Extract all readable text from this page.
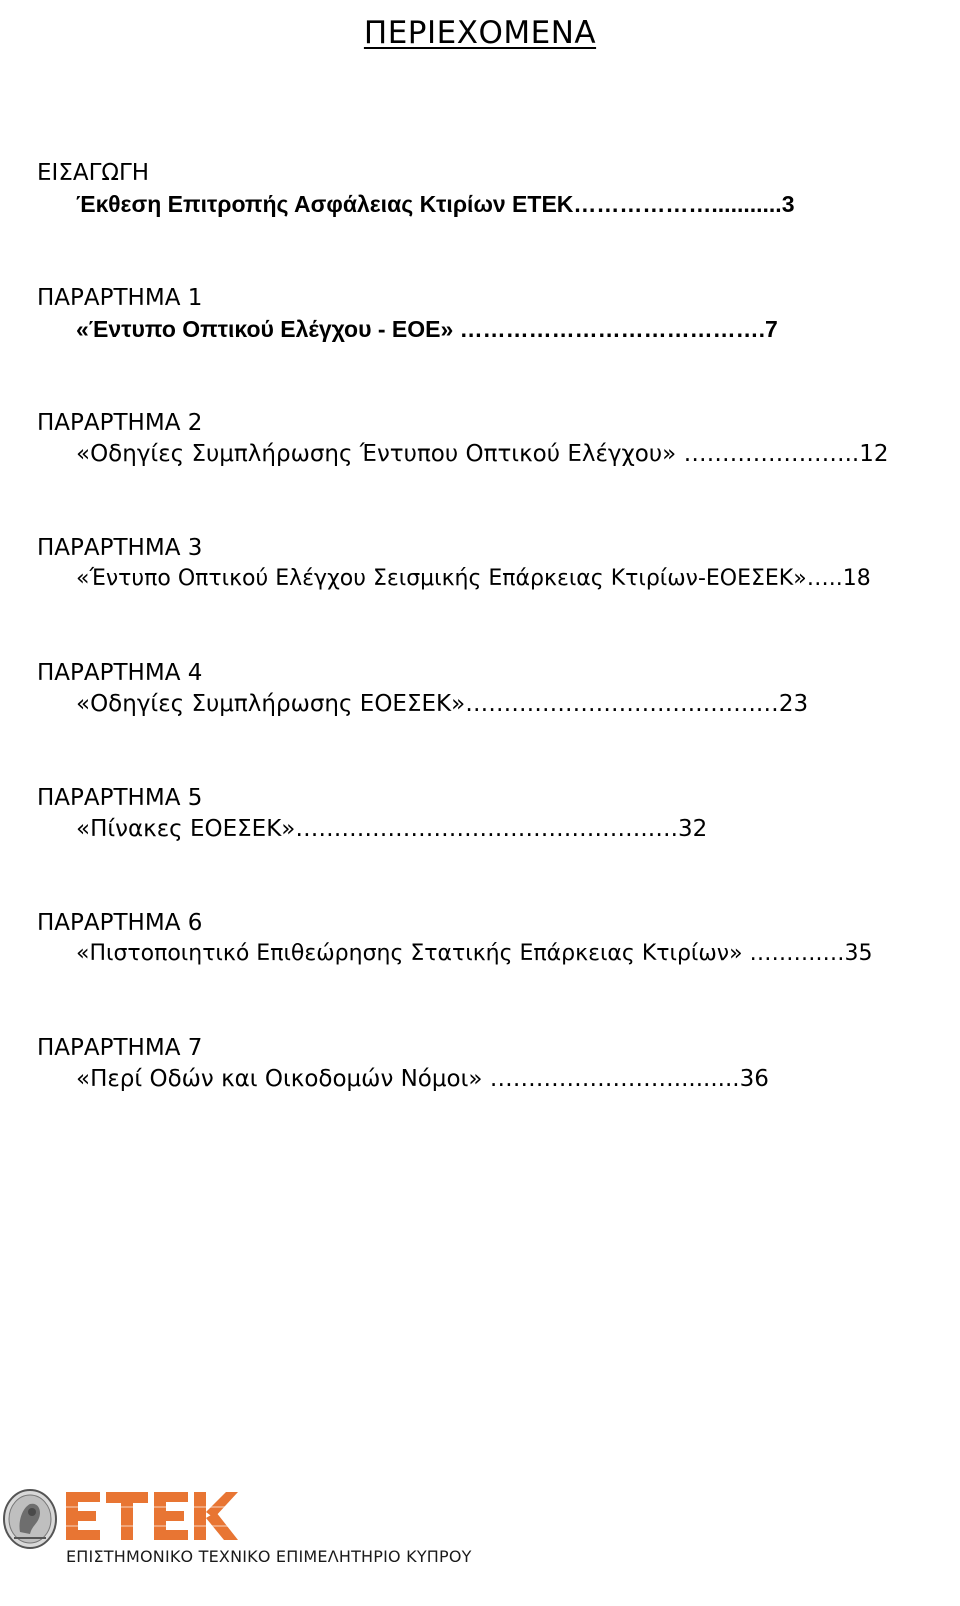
ΠΕΡΙΕΧΟΜΕΝΑ
ΕΙΣΑΓΩΓΗ
Έκθεση Επιτροπής Ασφάλειας Κτιρίων ΕΤΕΚ………………...........3
ΠΑΡΑΡΤΗΜΑ 1
«Έντυπο Οπτικού Ελέγχου - ΕΟΕ» ………………………………….7
ΠΑΡΑΡΤΗΜΑ 2
«Οδηγίες Συμπλήρωσης Έντυπου Οπτικού Ελέγχου» …………………..12
ΠΑΡΑΡΤΗΜΑ 3
«Έντυπο Οπτικού Ελέγχου Σεισμικής Επάρκειας Κτιρίων-ΕΟΕΣΕΚ»…..18
ΠΑΡΑΡΤΗΜΑ 4
«Οδηγίες Συμπλήρωσης ΕΟΕΣΕΚ»………………………….…….…23
ΠΑΡΑΡΤΗΜΑ 5
«Πίνακες ΕΟΕΣΕΚ»……………………………………….….32
ΠΑΡΑΡΤΗΜΑ 6
«Πιστοποιητικό Επιθεώρησης Στατικής Επάρκειας Κτιρίων» ……….…35
ΠΑΡΑΡΤΗΜΑ 7
«Περί Οδών και Οικοδομών Νόμοι» …………………….........36
ΕΠΙΣΤΗΜΟΝΙΚΟ ΤΕΧΝΙΚΟ ΕΠΙΜΕΛΗΤΗΡΙΟ ΚΥΠΡΟΥ
